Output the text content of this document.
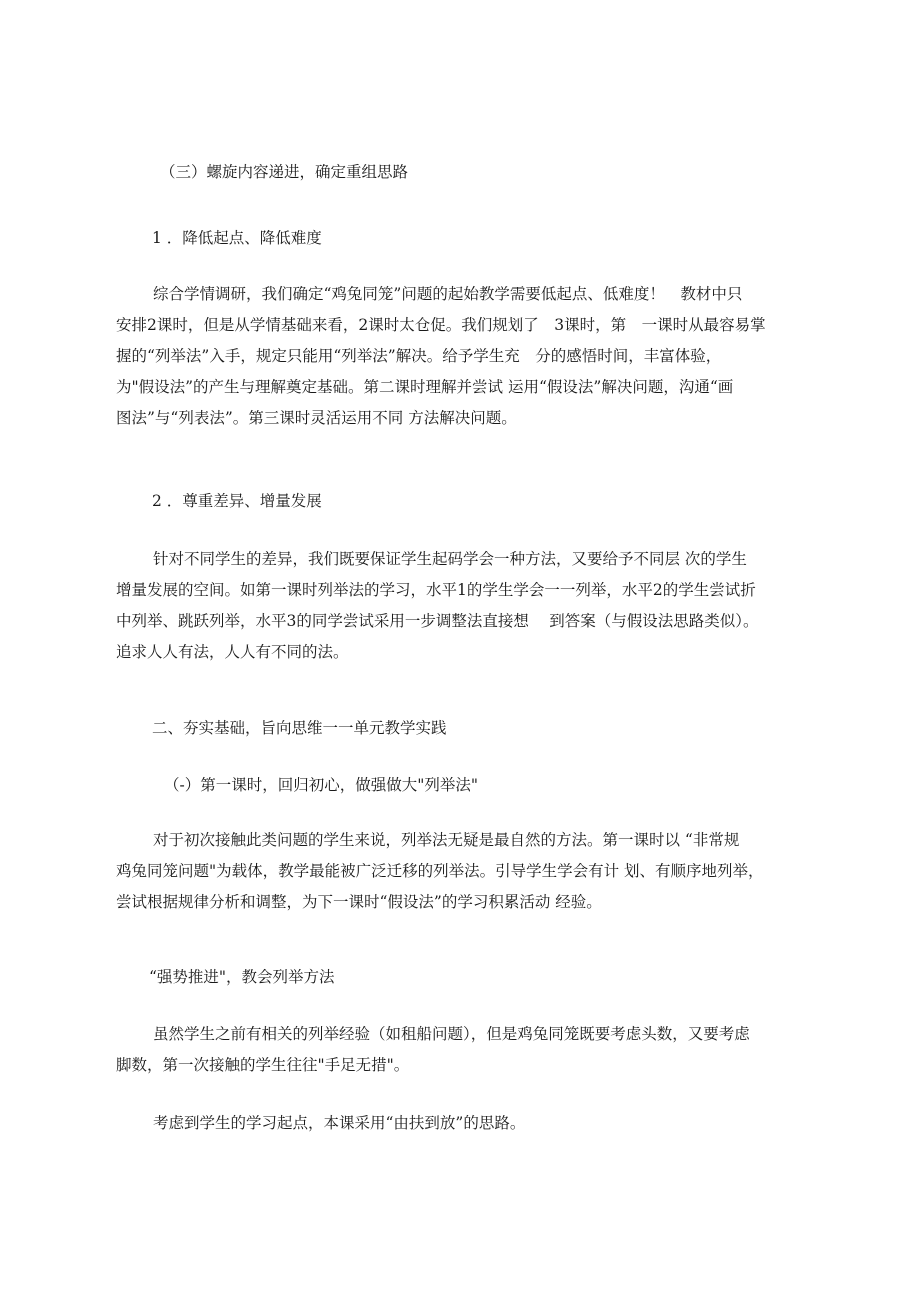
（三）螺旋内容递进，确定重组思路
1 ．降低起点、降低难度
综合学情调研，我们确定“鸡兔同笼”问题的起始教学需要低起点、低难度！　教材中只
安排2课时，但是从学情基础来看，2课时太仓促。我们规划了　3课时，第　一课时从最容易掌
握的“列举法”入手，规定只能用“列举法”解决。给予学生充　分的感悟时间，丰富体验，
为"假设法”的产生与理解奠定基础。第二课时理解并尝试 运用“假设法”解决问题，沟通“画
图法”与“列表法”。第三课时灵活运用不同 方法解决问题。
2 ．尊重差异、增量发展
针对不同学生的差异，我们既要保证学生起码学会一种方法，又要给予不同层 次的学生
增量发展的空间。如第一课时列举法的学习，水平1的学生学会一一列举，水平2的学生尝试折
中列举、跳跃列举，水平3的同学尝试采用一步调整法直接想　 到答案（与假设法思路类似）。
追求人人有法，人人有不同的法。
二、夯实基础，旨向思维一一单元教学实践
（-）第一课时，回归初心，做强做大"列举法"
对于初次接触此类问题的学生来说，列举法无疑是最自然的方法。第一课时以 “非常规
鸡兔同笼问题"为载体，教学最能被广泛迁移的列举法。引导学生学会有计 划、有顺序地列举，
尝试根据规律分析和调整，为下一课时“假设法”的学习积累活动 经验。
“强势推进"，教会列举方法
虽然学生之前有相关的列举经验（如租船问题），但是鸡兔同笼既要考虑头数，又要考虑
脚数，第一次接触的学生往往"手足无措"。
考虑到学生的学习起点，本课采用“由扶到放”的思路。
